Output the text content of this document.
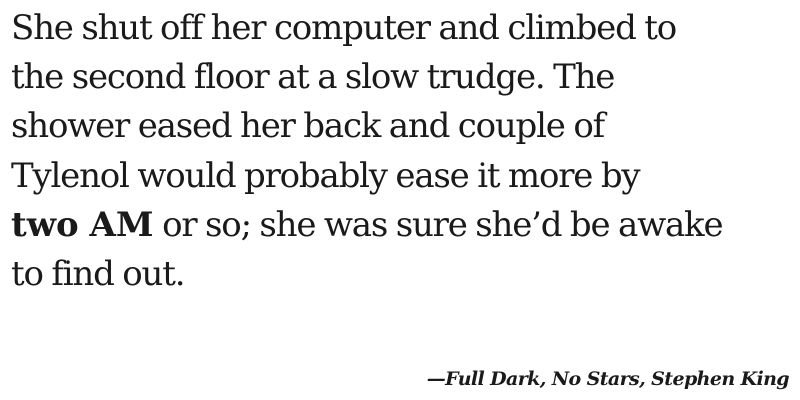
She shut off her computer and climbed to
the second floor at a slow trudge. The
shower eased her back and couple of
Tylenol would probably ease it more by
two AM or so; she was sure she’d be awake
to find out.

—Full Dark, No Stars, Stephen King
